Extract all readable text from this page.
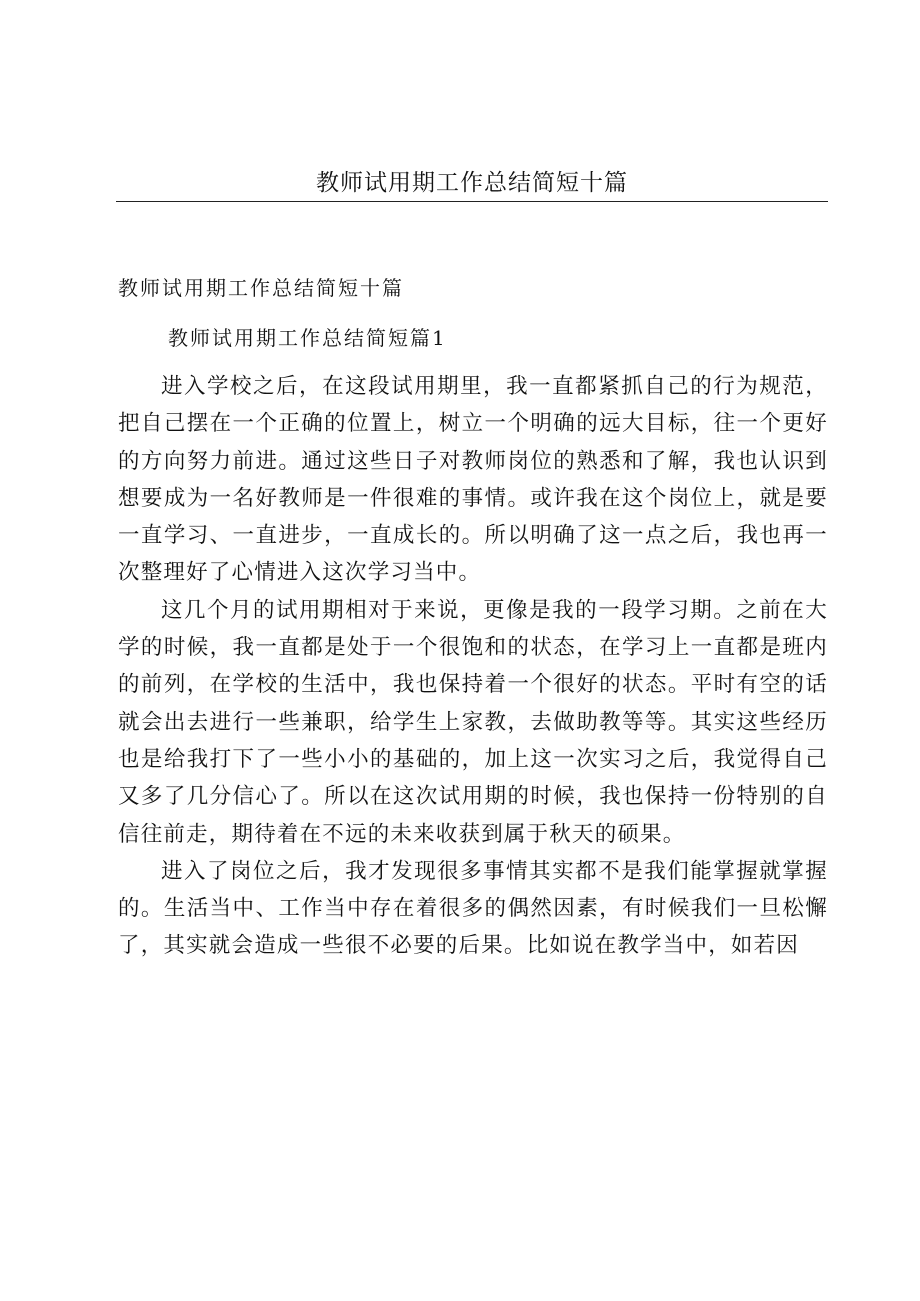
教师试用期工作总结简短十篇
教师试用期工作总结简短十篇
教师试用期工作总结简短篇1

进入学校之后，在这段试用期里，我一直都紧抓自己的行为规范，把自己摆在一个正确的位置上，树立一个明确的远大目标，往一个更好的方向努力前进。通过这些日子对教师岗位的熟悉和了解，我也认识到想要成为一名好教师是一件很难的事情。或许我在这个岗位上，就是要一直学习、一直进步，一直成长的。所以明确了这一点之后，我也再一次整理好了心情进入这次学习当中。

这几个月的试用期相对于来说，更像是我的一段学习期。之前在大学的时候，我一直都是处于一个很饱和的状态，在学习上一直都是班内的前列，在学校的生活中，我也保持着一个很好的状态。平时有空的话就会出去进行一些兼职，给学生上家教，去做助教等等。其实这些经历也是给我打下了一些小小的基础的，加上这一次实习之后，我觉得自己又多了几分信心了。所以在这次试用期的时候，我也保持一份特别的自信往前走，期待着在不远的未来收获到属于秋天的硕果。

进入了岗位之后，我才发现很多事情其实都不是我们能掌握就掌握的。生活当中、工作当中存在着很多的偶然因素，有时候我们一旦松懈了，其实就会造成一些很不必要的后果。比如说在教学当中，如若因
